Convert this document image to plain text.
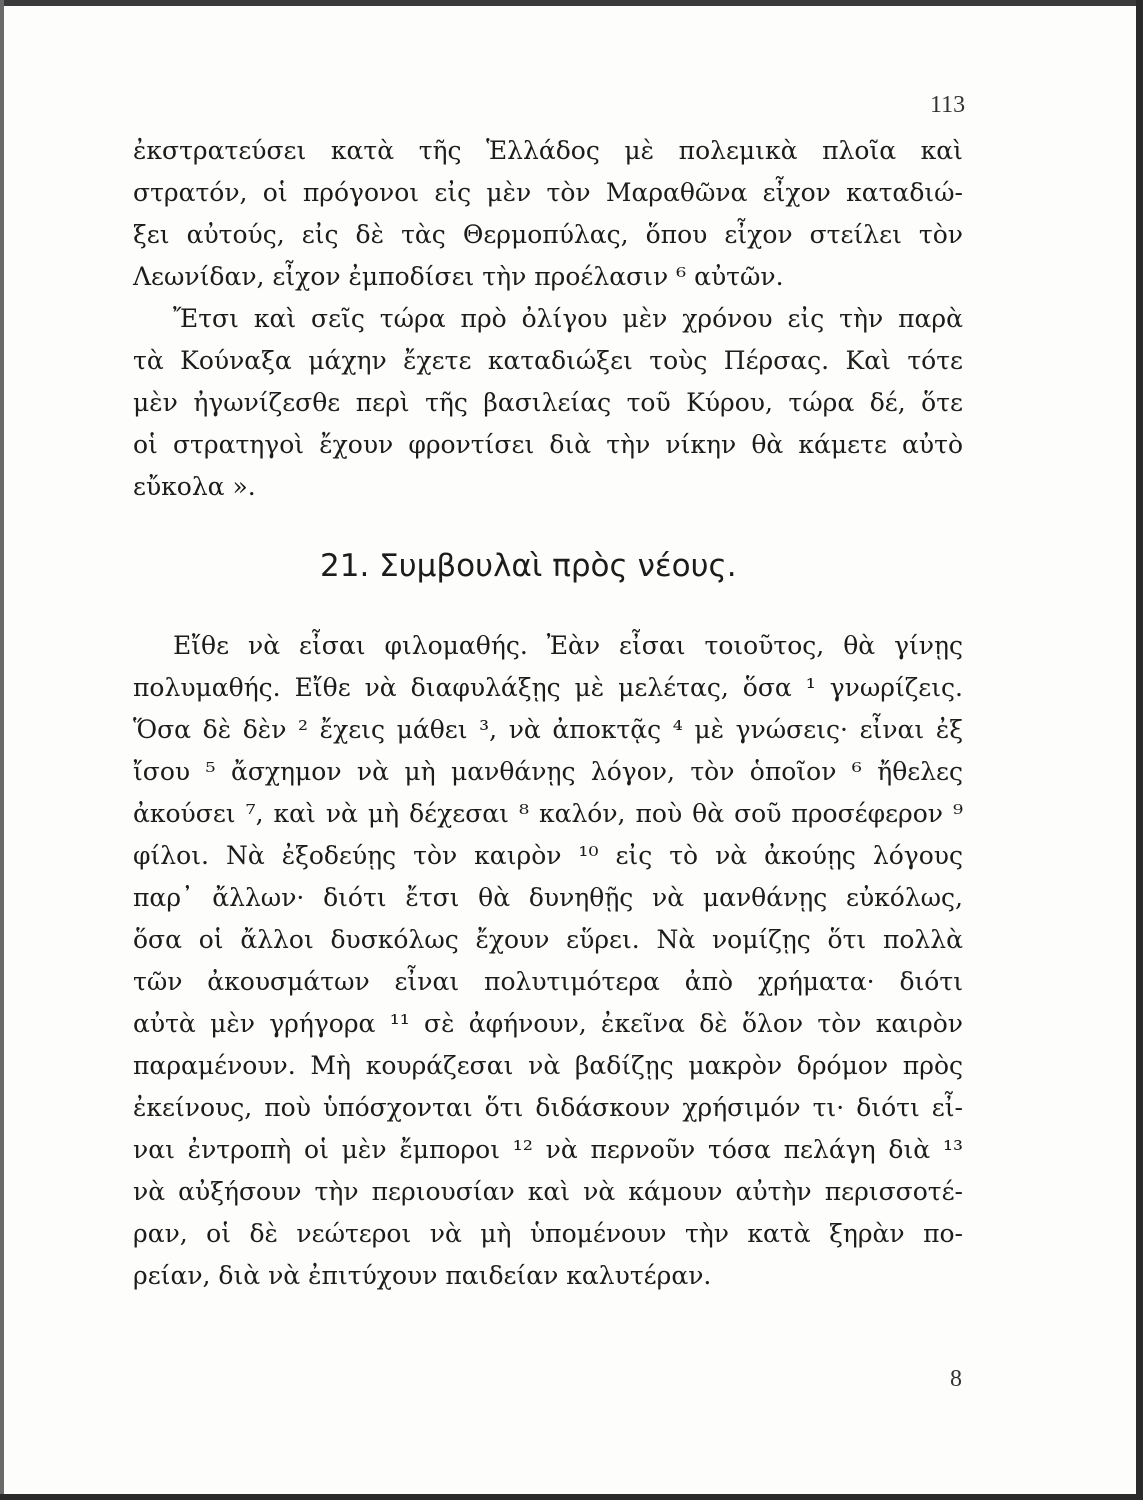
113
ἐκστρατεύσει κατὰ τῆς Ἑλλάδος μὲ πολεμικὰ πλοῖα καὶ
στρατόν, οἱ πρόγονοι εἰς μὲν τὸν Μαραθῶνα εἶχον καταδιώ-
ξει αὐτούς, εἰς δὲ τὰς Θερμοπύλας, ὅπου εἶχον στείλει τὸν
Λεωνίδαν, εἶχον ἐμποδίσει τὴν προέλασιν ⁶ αὐτῶν.
Ἔτσι καὶ σεῖς τώρα πρὸ ὀλίγου μὲν χρόνου εἰς τὴν παρὰ
τὰ Κούναξα μάχην ἔχετε καταδιώξει τοὺς Πέρσας. Καὶ τότε
μὲν ἠγωνίζεσθε περὶ τῆς βασιλείας τοῦ Κύρου, τώρα δέ, ὅτε
οἱ στρατηγοὶ ἔχουν φροντίσει διὰ τὴν νίκην θὰ κάμετε αὐτὸ
εὔκολα ».
21. Συμβουλαὶ πρὸς νέους.
Εἴθε νὰ εἶσαι φιλομαθής. Ἐὰν εἶσαι τοιοῦτος, θὰ γίνῃς
πολυμαθής. Εἴθε νὰ διαφυλάξῃς μὲ μελέτας, ὅσα ¹ γνωρίζεις.
Ὅσα δὲ δὲν ² ἔχεις μάθει ³, νὰ ἀποκτᾷς ⁴ μὲ γνώσεις· εἶναι ἐξ
ἴσου ⁵ ἄσχημον νὰ μὴ μανθάνῃς λόγον, τὸν ὁποῖον ⁶ ἤθελες
ἀκούσει ⁷, καὶ νὰ μὴ δέχεσαι ⁸ καλόν, ποὺ θὰ σοῦ προσέφερον ⁹
φίλοι. Νὰ ἐξοδεύῃς τὸν καιρὸν ¹⁰ εἰς τὸ νὰ ἀκούῃς λόγους
παρ᾽ ἄλλων· διότι ἔτσι θὰ δυνηθῇς νὰ μανθάνῃς εὐκόλως,
ὅσα οἱ ἄλλοι δυσκόλως ἔχουν εὕρει. Νὰ νομίζῃς ὅτι πολλὰ
τῶν ἀκουσμάτων εἶναι πολυτιμότερα ἀπὸ χρήματα· διότι
αὐτὰ μὲν γρήγορα ¹¹ σὲ ἀφήνουν, ἐκεῖνα δὲ ὅλον τὸν καιρὸν
παραμένουν. Μὴ κουράζεσαι νὰ βαδίζῃς μακρὸν δρόμον πρὸς
ἐκείνους, ποὺ ὑπόσχονται ὅτι διδάσκουν χρήσιμόν τι· διότι εἶ-
ναι ἐντροπὴ οἱ μὲν ἔμποροι ¹² νὰ περνοῦν τόσα πελάγη διὰ ¹³
νὰ αὐξήσουν τὴν περιουσίαν καὶ νὰ κάμουν αὐτὴν περισσοτέ-
ραν, οἱ δὲ νεώτεροι νὰ μὴ ὑπομένουν τὴν κατὰ ξηρὰν πο-
ρείαν, διὰ νὰ ἐπιτύχουν παιδείαν καλυτέραν.
8
